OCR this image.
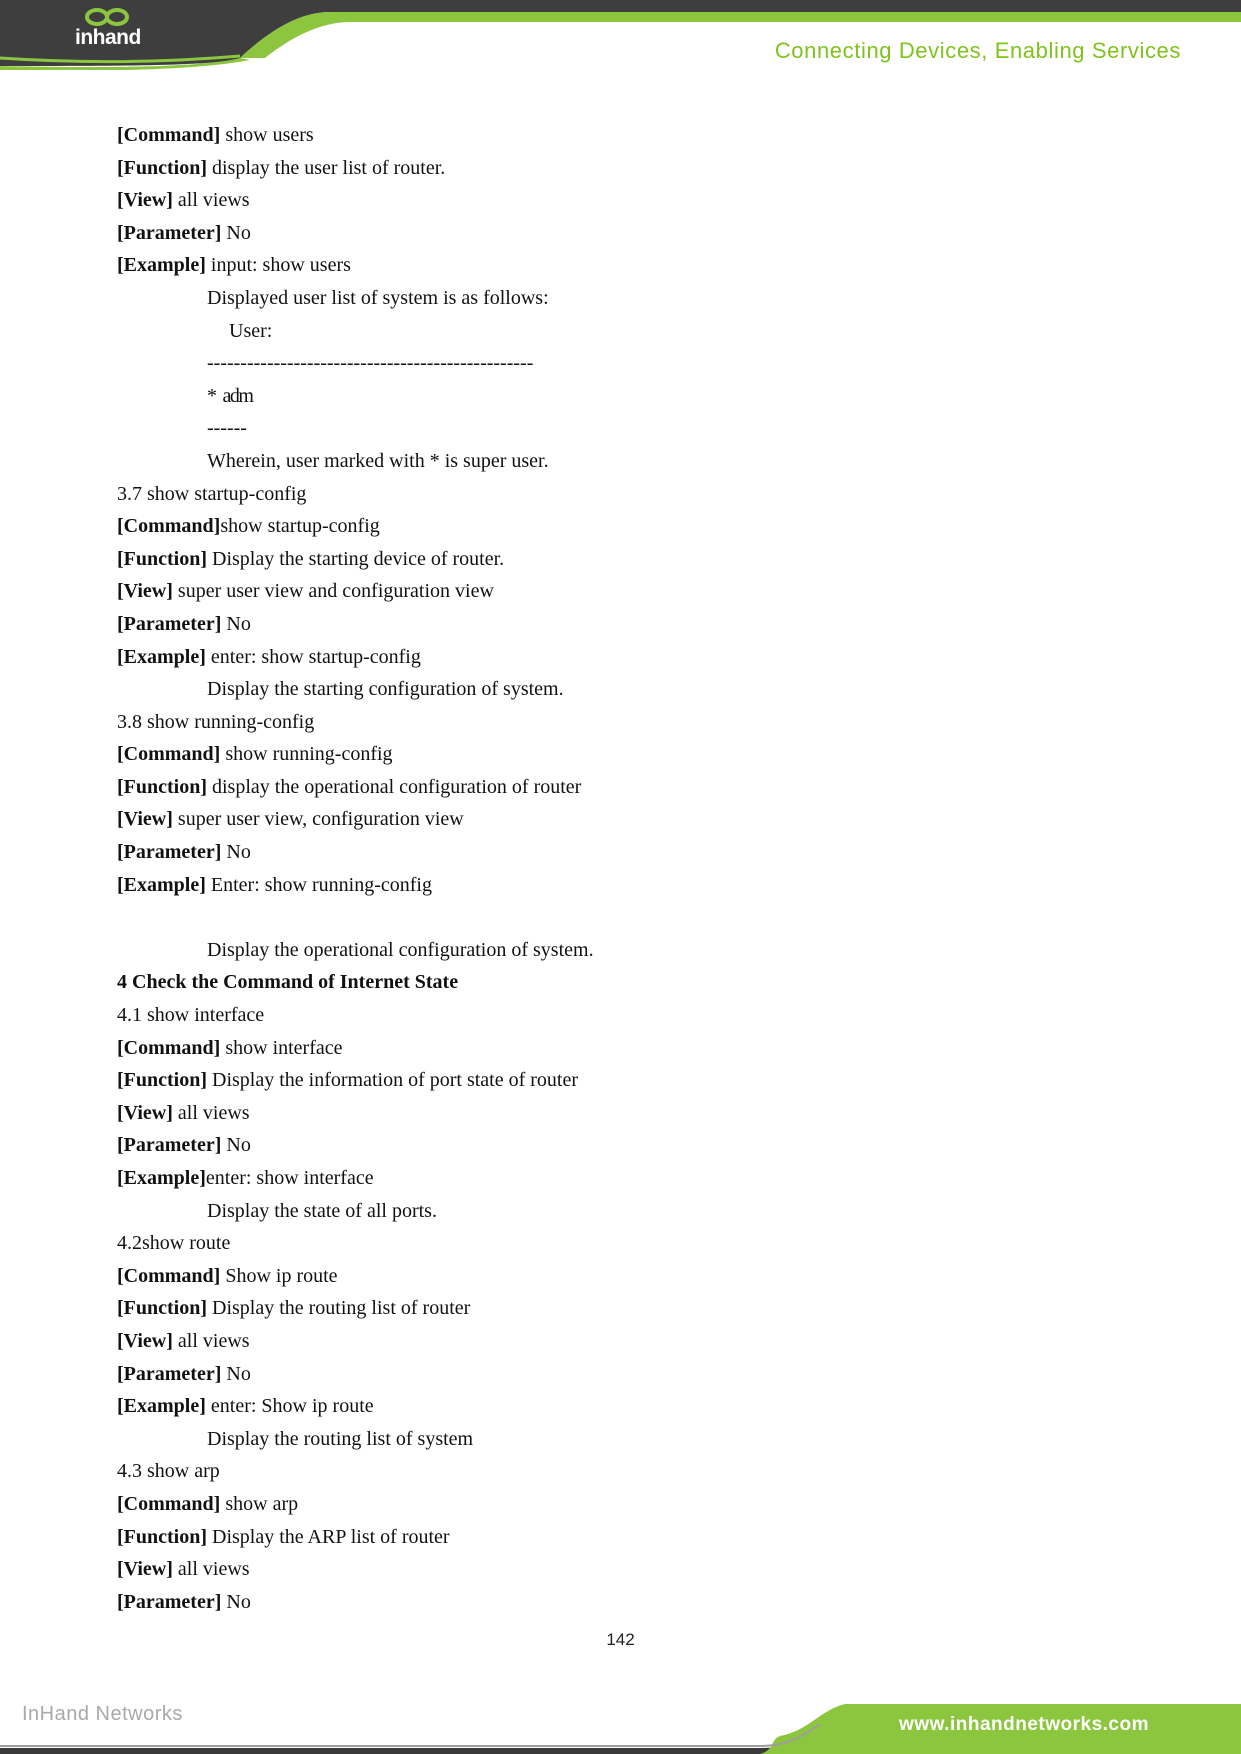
inhand
Connecting Devices, Enabling Services
[Command] show users
[Function] display the user list of router.
[View] all views
[Parameter] No
[Example] input: show users
Displayed user list of system is as follows:
User:
-------------------------------------------------
*  adm
------
Wherein, user marked with * is super user.
3.7 show startup-config
[Command]show startup-config
[Function] Display the starting device of router.
[View] super user view and configuration view
[Parameter] No
[Example] enter: show startup-config
Display the starting configuration of system.
3.8 show running-config
[Command] show running-config
[Function] display the operational configuration of router
[View] super user view, configuration view
[Parameter] No
[Example] Enter: show running-config
Display the operational configuration of system.
4 Check the Command of Internet State
4.1 show interface
[Command] show interface
[Function] Display the information of port state of router
[View] all views
[Parameter] No
[Example]enter: show interface
Display the state of all ports.
4.2show route
[Command] Show ip route
[Function] Display the routing list of router
[View] all views
[Parameter] No
[Example] enter: Show ip route
Display the routing list of system
4.3 show arp
[Command] show arp
[Function] Display the ARP list of router
[View] all views
[Parameter] No
142
InHand Networks	www.inhandnetworks.com
